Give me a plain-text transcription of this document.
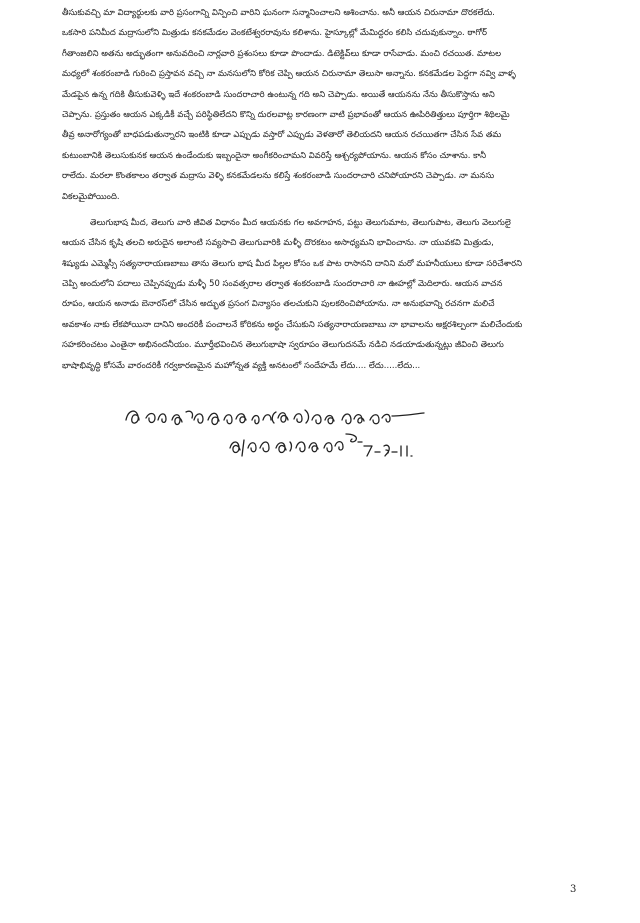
తీసుకువచ్చి మా విద్యార్థులకు వారి ప్రసంగాన్ని విన్పించి వారిని ఘనంగా సన్మానించాలని ఆశించాను. అనీ ఆయన చిరునామా దొరకలేదు.
ఒకసారి పనిమీద మద్రాసులోని మిత్రుడు కనకమేడల వెంకటేశ్వరరావును కలిశాను. హైస్కూల్లో మేమిద్దరం కలిసి చదువుకున్నాం. ఠాగోర్
గీతాంజలిని అతను అద్భుతంగా అనువదించి నార్లవారి ప్రశంసలు కూడా పొందాడు. డిటెక్టివ్‌లు కూడా రాసేవాడు. మంచి రచయిత. మాటల
మధ్యలో శంకరంబాడి గురించి ప్రస్తావన వచ్చి నా మనసులోని కోరిక చెప్పి ఆయన చిరునామా తెలుసా అన్నాను. కనకమేడల పెద్దగా నవ్వి వాళ్ళ
మేడపైన ఉన్న గదికి తీసుకువెళ్ళి ఇదే శంకరంబాడి సుందరాచారి ఉంటున్న గది అని చెప్పాడు. అయితే ఆయనను నేను తీసుకొస్తాను అని
చెప్పాను. ప్రస్తుతం ఆయన ఎక్కడికీ వచ్చే పరిస్థితిలేదని కొన్ని దురలవాట్ల కారణంగా వాటి ప్రభావంతో ఆయన ఊపిరితిత్తులు పూర్తిగా శిథిలమై
తీవ్ర అనారోగ్యంతో బాధపడుతున్నారని ఇంటికి కూడా ఎప్పుడు వస్తారో ఎప్పుడు వెళతారో తెలియదని ఆయన రచయితగా చేసిన సేవ తమ
కుటుంబానికి తెలుసుకునక ఆయన ఉండేందుకు ఇబ్బందైనా అంగీకరించామని వివరిస్తే ఆశ్చర్యపోయాను. ఆయన కోసం చూశాను. కానీ
రాలేదు. మరలా కొంతకాలం తర్వాత మద్రాసు వెళ్ళి కనకమేడలను కలిస్తే శంకరంబాడి సుందరాచారి చనిపోయారని చెప్పాడు. నా మనసు
వికలమైపోయింది.
తెలుగుభాష మీద, తెలుగు వారి జీవిత విధానం మీద ఆయనకు గల అవగాహన, పట్టు తెలుగుమాట, తెలుగుపాట, తెలుగు వెలుగులై
ఆయన చేసిన కృషి తలచి అరుదైన అలాంటి సవ్యసాచి తెలుగువారికి మళ్ళీ దొరకటం అసాధ్యమని భావించాను. నా యువకవి మిత్రుడు,
శిష్యుడు ఎమ్మెస్సీ సత్యనారాయణబాబు తాను తెలుగు భాష మీద పిల్లల కోసం ఒక పాట రాసానని దానిని మరో మహనీయులు కూడా సరిచేశారని
చెప్పి అందులోని పదాలు చెప్పినప్పుడు మళ్ళీ 50 సంవత్సరాల తర్వాత శంకరంబాడి సుందరాచారి నా ఊహల్లో మెదిలారు. ఆయన వాచన
రూపం, ఆయన అనాడు బెనారస్‌లో చేసిన అద్భుత ప్రసంగ విన్యాసం తలచుకుని పులకరించిపోయాను. నా అనుభవాన్ని రచనగా మలిచే
అవకాశం నాకు లేకపోయినా దానిని అందరికీ పంచాలనే కోరికను అర్థం చేసుకుని సత్యనారాయణబాబు నా భావాలను అక్షరశిల్పంగా మలిచేందుకు
సహకరించటం ఎంతైనా అభినందనీయం. మూర్తీభవించిన తెలుగుభాషా స్వరూపం తెలుగుదనమే నడిచి నడయాడుతున్నట్లు జీవించి తెలుగు
భాషాభివృద్ధి కోసమే వారందరికీ గర్వకారణమైన మహోన్నత వ్యక్తి అనటంలో సందేహమే లేదు.... లేదు.....లేదు...
3
